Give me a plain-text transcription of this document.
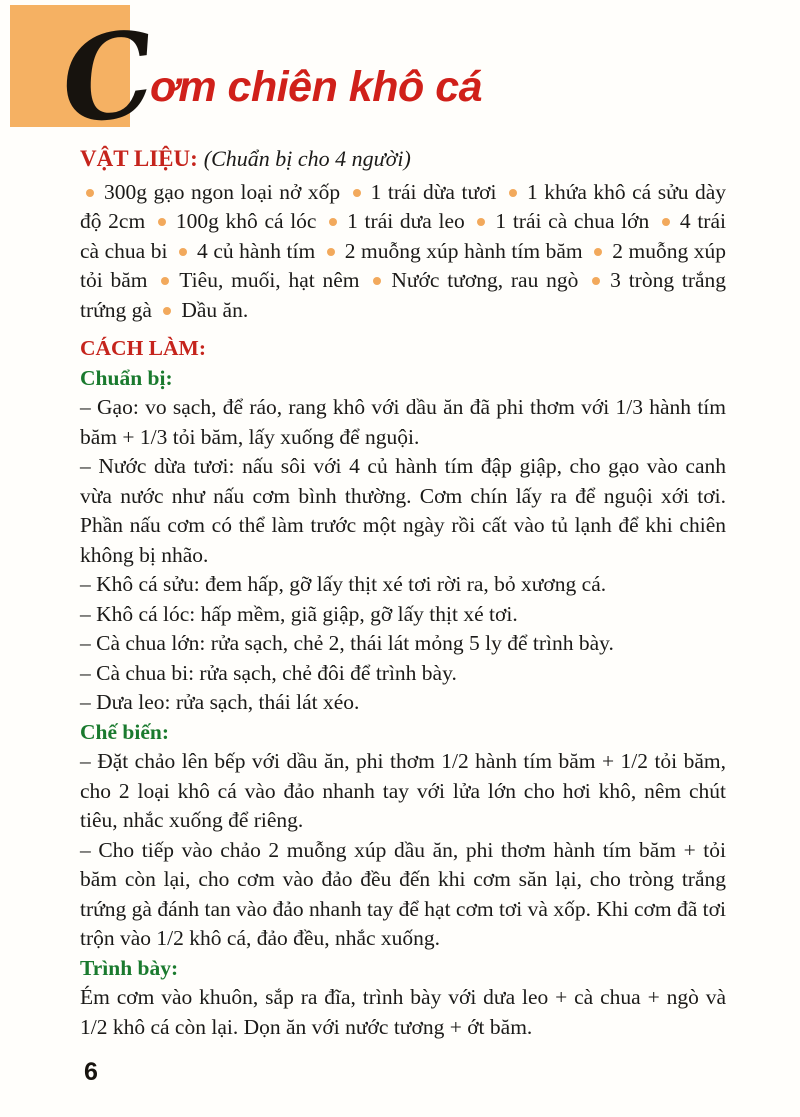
C
ơm chiên khô cá

VẬT LIỆU: (Chuẩn bị cho 4 người)

300g gạo ngon loại nở xốp 1 trái dừa tươi 1 khứa khô cá sửu dày độ 2cm 100g khô cá lóc 1 trái dưa leo 1 trái cà chua lớn 4 trái cà chua bi 4 củ hành tím 2 muỗng xúp hành tím băm 2 muỗng xúp tỏi băm Tiêu, muối, hạt nêm Nước tương, rau ngò 3 tròng trắng trứng gà Dầu ăn.

CÁCH LÀM:

Chuẩn bị:

– Gạo: vo sạch, để ráo, rang khô với dầu ăn đã phi thơm với 1/3 hành tím băm + 1/3 tỏi băm, lấy xuống để nguội.

– Nước dừa tươi: nấu sôi với 4 củ hành tím đập giập, cho gạo vào canh vừa nước như nấu cơm bình thường. Cơm chín lấy ra để nguội xới tơi. Phần nấu cơm có thể làm trước một ngày rồi cất vào tủ lạnh để khi chiên không bị nhão.

– Khô cá sửu: đem hấp, gỡ lấy thịt xé tơi rời ra, bỏ xương cá.

– Khô cá lóc: hấp mềm, giã giập, gỡ lấy thịt xé tơi.

– Cà chua lớn: rửa sạch, chẻ 2, thái lát mỏng 5 ly để trình bày.

– Cà chua bi: rửa sạch, chẻ đôi để trình bày.

– Dưa leo: rửa sạch, thái lát xéo.

Chế biến:

– Đặt chảo lên bếp với dầu ăn, phi thơm 1/2 hành tím băm + 1/2 tỏi băm, cho 2 loại khô cá vào đảo nhanh tay với lửa lớn cho hơi khô, nêm chút tiêu, nhắc xuống để riêng.

– Cho tiếp vào chảo 2 muỗng xúp dầu ăn, phi thơm hành tím băm + tỏi băm còn lại, cho cơm vào đảo đều đến khi cơm săn lại, cho tròng trắng trứng gà đánh tan vào đảo nhanh tay để hạt cơm tơi và xốp. Khi cơm đã tơi trộn vào 1/2 khô cá, đảo đều, nhắc xuống.

Trình bày:

Ém cơm vào khuôn, sắp ra đĩa, trình bày với dưa leo + cà chua + ngò và 1/2 khô cá còn lại. Dọn ăn với nước tương + ớt băm.

6
